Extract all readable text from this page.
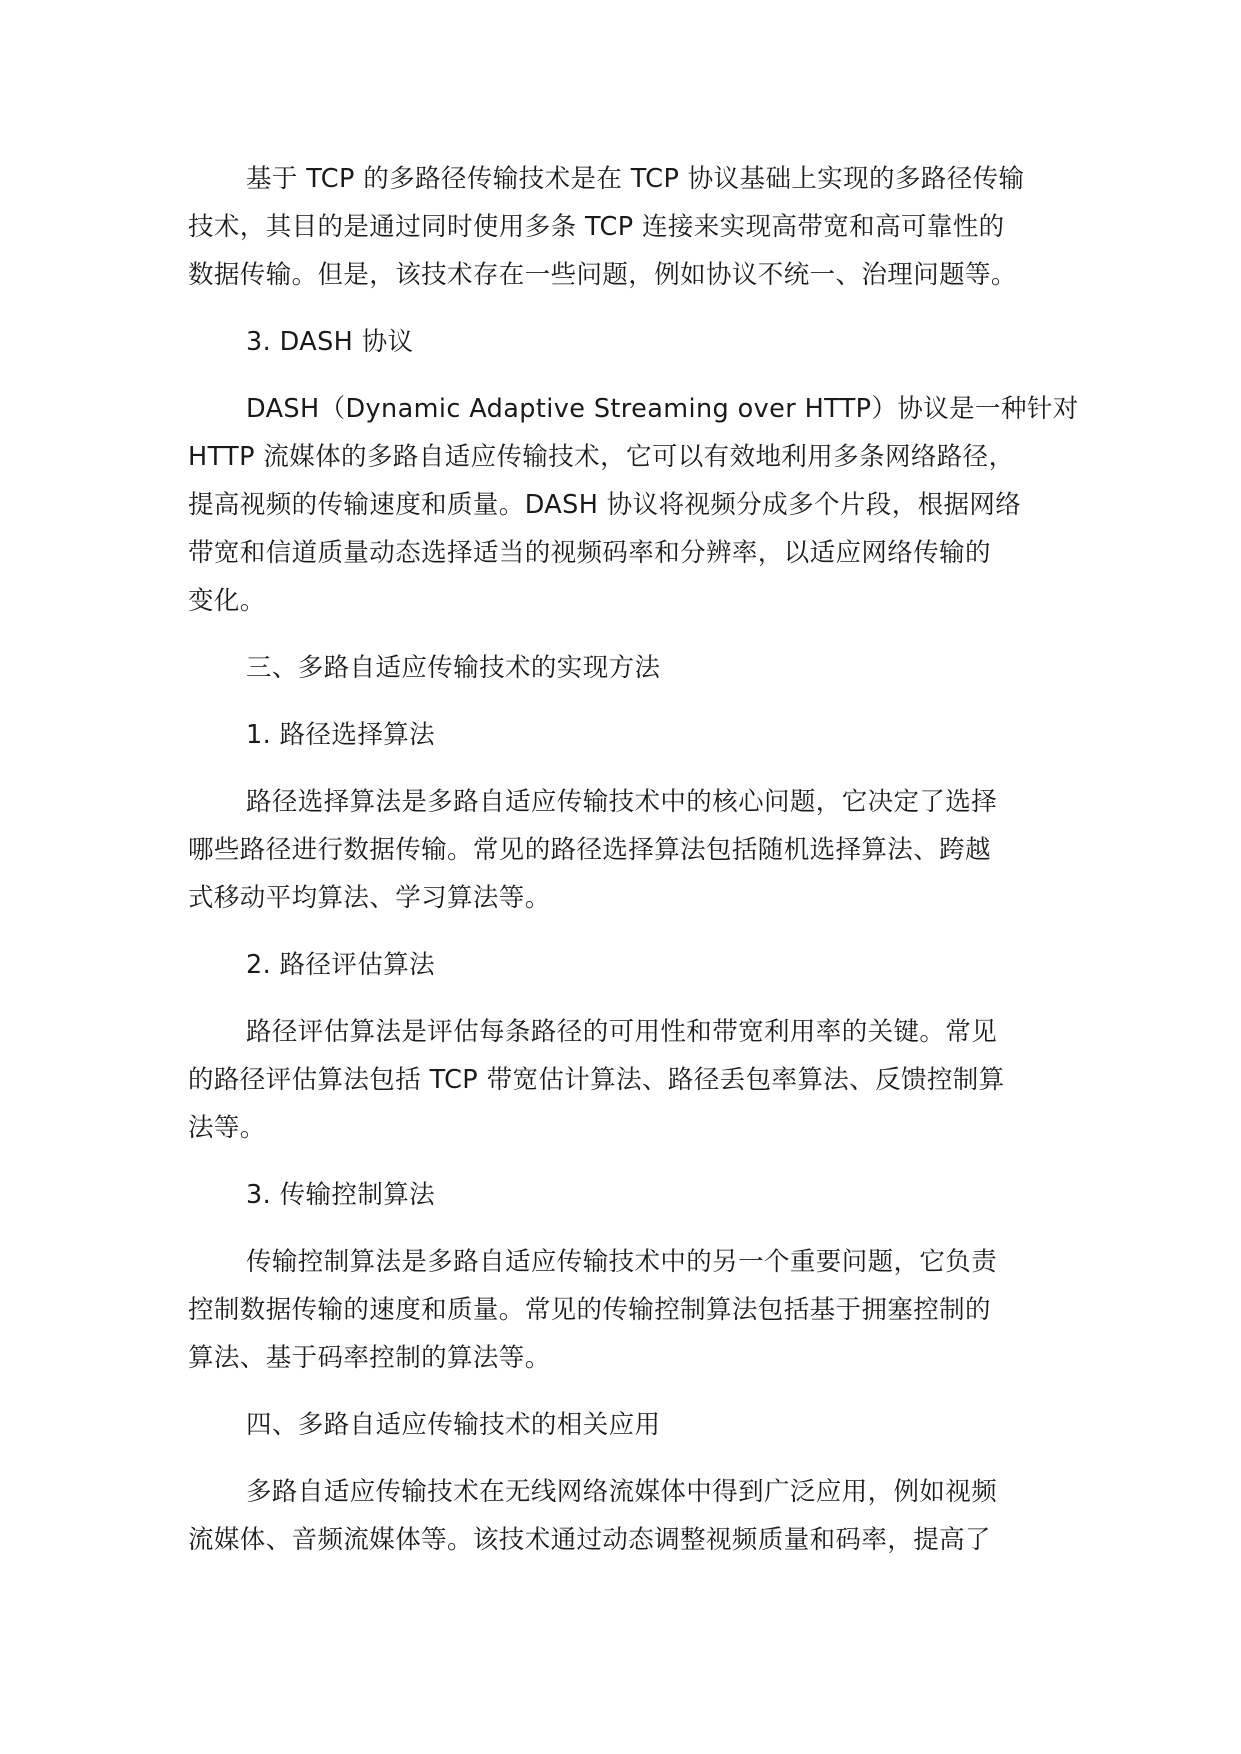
基于 TCP 的多路径传输技术是在 TCP 协议基础上实现的多路径传输
技术，其目的是通过同时使用多条 TCP 连接来实现高带宽和高可靠性的
数据传输。但是，该技术存在一些问题，例如协议不统一、治理问题等。
3. DASH 协议
DASH（Dynamic Adaptive Streaming over HTTP）协议是一种针对
HTTP 流媒体的多路自适应传输技术，它可以有效地利用多条网络路径，
提高视频的传输速度和质量。DASH 协议将视频分成多个片段，根据网络
带宽和信道质量动态选择适当的视频码率和分辨率，以适应网络传输的
变化。
三、多路自适应传输技术的实现方法
1. 路径选择算法
路径选择算法是多路自适应传输技术中的核心问题，它决定了选择
哪些路径进行数据传输。常见的路径选择算法包括随机选择算法、跨越
式移动平均算法、学习算法等。
2. 路径评估算法
路径评估算法是评估每条路径的可用性和带宽利用率的关键。常见
的路径评估算法包括 TCP 带宽估计算法、路径丢包率算法、反馈控制算
法等。
3. 传输控制算法
传输控制算法是多路自适应传输技术中的另一个重要问题，它负责
控制数据传输的速度和质量。常见的传输控制算法包括基于拥塞控制的
算法、基于码率控制的算法等。
四、多路自适应传输技术的相关应用
多路自适应传输技术在无线网络流媒体中得到广泛应用，例如视频
流媒体、音频流媒体等。该技术通过动态调整视频质量和码率，提高了
